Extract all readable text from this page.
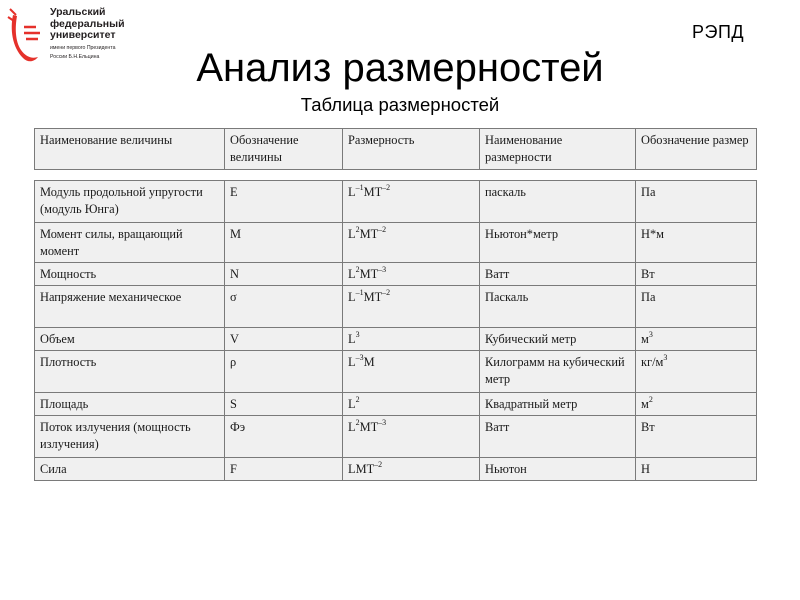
Уральский
федеральный
университет
имени первого Президента
России Б.Н.Ельцина
РЭПД
Анализ размерностей
Таблица размерностей
Наименование величины	Обозначение величины	Размерность	Наименование размерности	Обозначение размер
Модуль продольной упругости (модуль Юнга)	E	$L^{-1}MT^{-2}$	паскаль	Па
Момент силы, вращающий момент	M	$L^2MT^{-2}$	Ньютон*метр	Н*м
Мощность	N	$L^2MT^{-3}$	Ватт	Вт
Напряжение механическое	σ	$L^{-1}MT^{-2}$	Паскаль	Па
Объем	V	$L^3$	Кубический метр	$м^3$
Плотность	ρ	$L^{-3}M$	Килограмм на кубический метр	$кг/м^3$
Площадь	S	$L^2$	Квадратный метр	$м^2$
Поток излучения (мощность излучения)	Фэ	$L^2MT^{-3}$	Ватт	Вт
Сила	F	$LMT^{-2}$	Ньютон	Н
